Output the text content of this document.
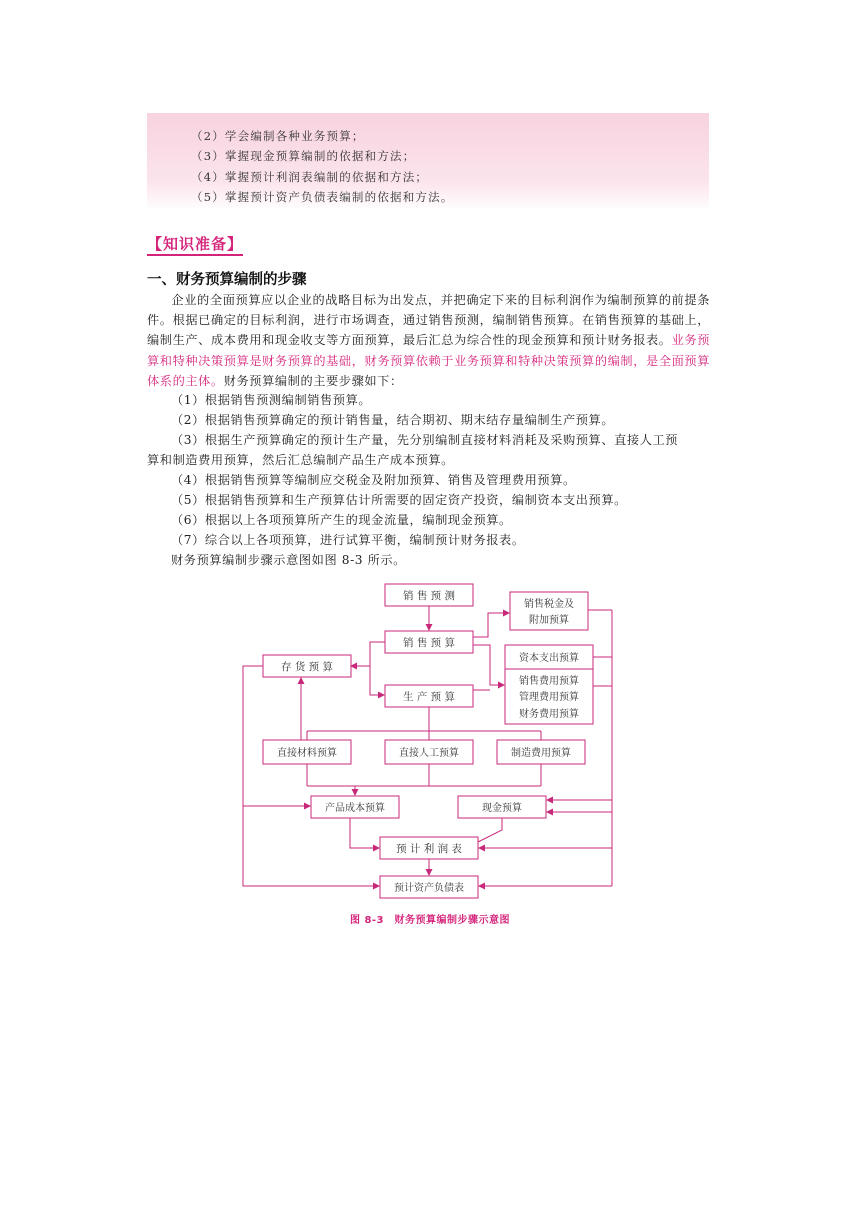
（2）学会编制各种业务预算；
（3）掌握现金预算编制的依据和方法；
（4）掌握预计利润表编制的依据和方法；
（5）掌握预计资产负债表编制的依据和方法。
【知识准备】
一、财务预算编制的步骤

企业的全面预算应以企业的战略目标为出发点，并把确定下来的目标利润作为编制预算的前提条件。根据已确定的目标利润，进行市场调查，通过销售预测，编制销售预算。在销售预算的基础上，编制生产、成本费用和现金收支等方面预算，最后汇总为综合性的现金预算和预计财务报表。业务预算和特种决策预算是财务预算的基础，财务预算依赖于业务预算和特种决策预算的编制，是全面预算体系的主体。财务预算编制的主要步骤如下：

（1）根据销售预测编制销售预算。
（2）根据销售预算确定的预计销售量，结合期初、期末结存量编制生产预算。
（3）根据生产预算确定的预计生产量，先分别编制直接材料消耗及采购预算、直接人工预
算和制造费用预算，然后汇总编制产品生产成本预算。
（4）根据销售预算等编制应交税金及附加预算、销售及管理费用预算。
（5）根据销售预算和生产预算估计所需要的固定资产投资，编制资本支出预算。
（6）根据以上各项预算所产生的现金流量，编制现金预算。
（7）综合以上各项预算，进行试算平衡，编制预计财务报表。
财务预算编制步骤示意图如图 8-3 所示。
销 售 预 测
销 售 预 算
生 产 预 算
存 货 预 算
销售税金及
附加预算
资本支出预算
销售费用预算
管理费用预算
财务费用预算
直接材料预算	直接人工预算	制造费用预算
产品成本预算	现金预算
预 计 利 润 表
预计资产负债表
图 8-3　财务预算编制步骤示意图
